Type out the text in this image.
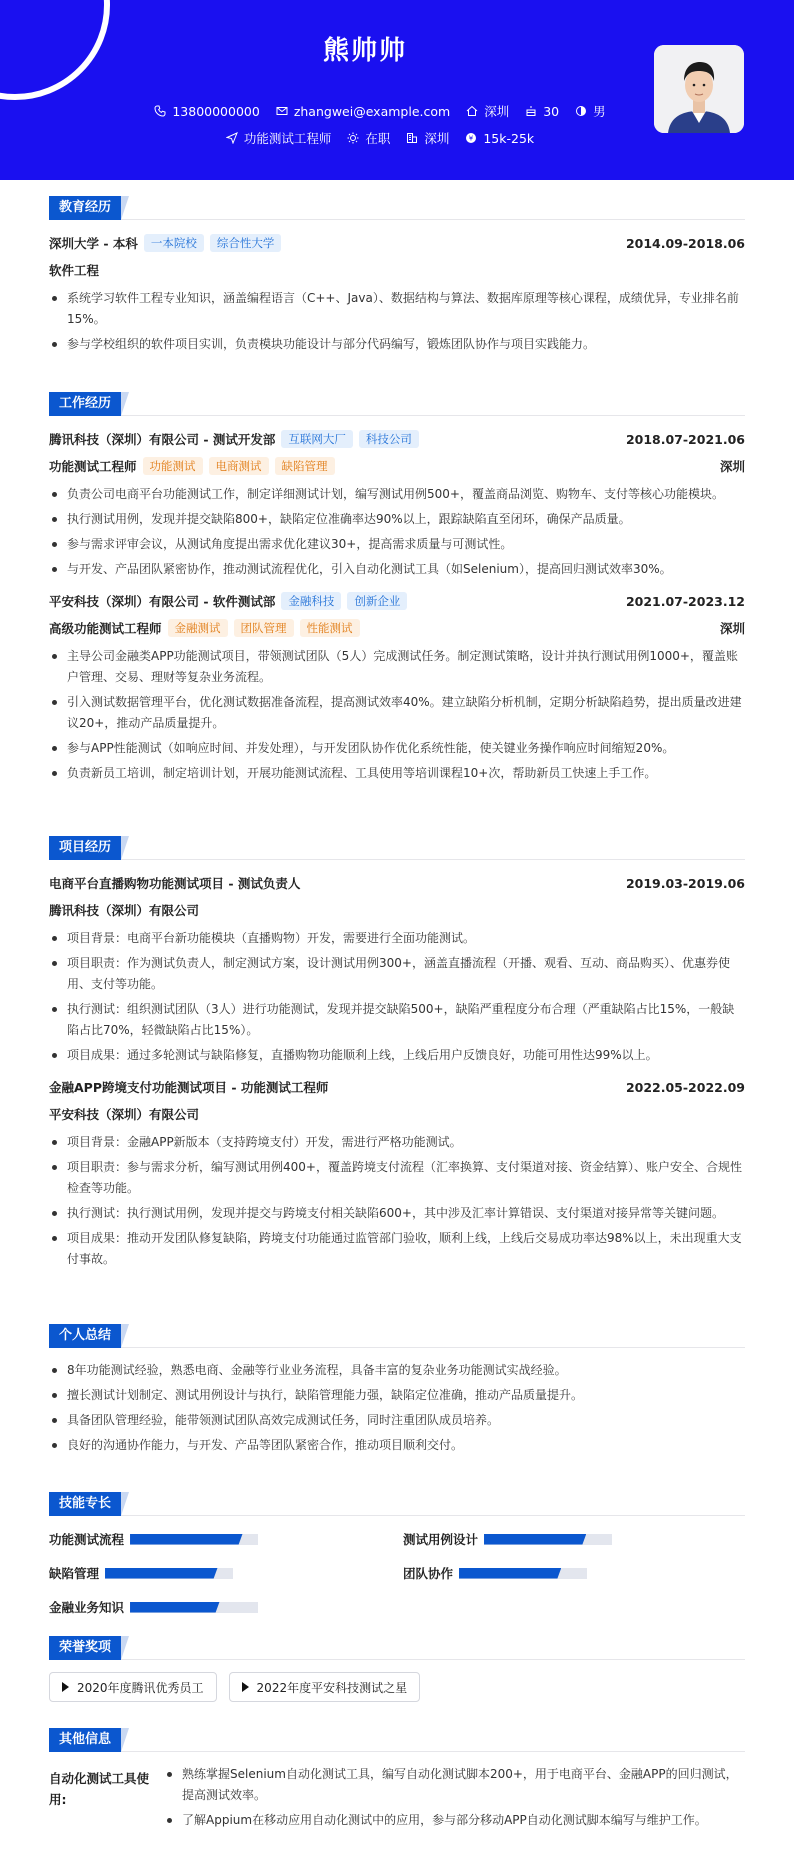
熊帅帅
13800000000	zhangwei@example.com	深圳	30	男
功能测试工程师	在职	深圳	¥ 15k-25k
教育经历
深圳大学 - 本科	一本院校	综合性大学	2014.09-2018.06
软件工程
系统学习软件工程专业知识，涵盖编程语言（C++、Java）、数据结构与算法、数据库原理等核心课程，成绩优异，专业排名前15%。
参与学校组织的软件项目实训，负责模块功能设计与部分代码编写，锻炼团队协作与项目实践能力。
工作经历
腾讯科技（深圳）有限公司 - 测试开发部	互联网大厂	科技公司	2018.07-2021.06
功能测试工程师	功能测试	电商测试	缺陷管理	深圳
负责公司电商平台功能测试工作，制定详细测试计划，编写测试用例500+，覆盖商品浏览、购物车、支付等核心功能模块。
执行测试用例，发现并提交缺陷800+，缺陷定位准确率达90%以上，跟踪缺陷直至闭环，确保产品质量。
参与需求评审会议，从测试角度提出需求优化建议30+，提高需求质量与可测试性。
与开发、产品团队紧密协作，推动测试流程优化，引入自动化测试工具（如Selenium），提高回归测试效率30%。
平安科技（深圳）有限公司 - 软件测试部	金融科技	创新企业	2021.07-2023.12
高级功能测试工程师	金融测试	团队管理	性能测试	深圳
主导公司金融类APP功能测试项目，带领测试团队（5人）完成测试任务。制定测试策略，设计并执行测试用例1000+，覆盖账户管理、交易、理财等复杂业务流程。
引入测试数据管理平台，优化测试数据准备流程，提高测试效率40%。建立缺陷分析机制，定期分析缺陷趋势，提出质量改进建议20+，推动产品质量提升。
参与APP性能测试（如响应时间、并发处理），与开发团队协作优化系统性能，使关键业务操作响应时间缩短20%。
负责新员工培训，制定培训计划，开展功能测试流程、工具使用等培训课程10+次，帮助新员工快速上手工作。
项目经历
电商平台直播购物功能测试项目 - 测试负责人	2019.03-2019.06
腾讯科技（深圳）有限公司
项目背景：电商平台新功能模块（直播购物）开发，需要进行全面功能测试。
项目职责：作为测试负责人，制定测试方案，设计测试用例300+，涵盖直播流程（开播、观看、互动、商品购买）、优惠券使用、支付等功能。
执行测试：组织测试团队（3人）进行功能测试，发现并提交缺陷500+，缺陷严重程度分布合理（严重缺陷占比15%，一般缺陷占比70%，轻微缺陷占比15%）。
项目成果：通过多轮测试与缺陷修复，直播购物功能顺利上线，上线后用户反馈良好，功能可用性达99%以上。
金融APP跨境支付功能测试项目 - 功能测试工程师	2022.05-2022.09
平安科技（深圳）有限公司
项目背景：金融APP新版本（支持跨境支付）开发，需进行严格功能测试。
项目职责：参与需求分析，编写测试用例400+，覆盖跨境支付流程（汇率换算、支付渠道对接、资金结算）、账户安全、合规性检查等功能。
执行测试：执行测试用例，发现并提交与跨境支付相关缺陷600+，其中涉及汇率计算错误、支付渠道对接异常等关键问题。
项目成果：推动开发团队修复缺陷，跨境支付功能通过监管部门验收，顺利上线，上线后交易成功率达98%以上，未出现重大支付事故。
个人总结
8年功能测试经验，熟悉电商、金融等行业业务流程，具备丰富的复杂业务功能测试实战经验。
擅长测试计划制定、测试用例设计与执行，缺陷管理能力强，缺陷定位准确，推动产品质量提升。
具备团队管理经验，能带领测试团队高效完成测试任务，同时注重团队成员培养。
良好的沟通协作能力，与开发、产品等团队紧密合作，推动项目顺利交付。
技能专长
功能测试流程	测试用例设计
缺陷管理	团队协作
金融业务知识
荣誉奖项
2020年度腾讯优秀员工	2022年度平安科技测试之星
其他信息
自动化测试工具使用:
熟练掌握Selenium自动化测试工具，编写自动化测试脚本200+，用于电商平台、金融APP的回归测试，提高测试效率。
了解Appium在移动应用自动化测试中的应用，参与部分移动APP自动化测试脚本编写与维护工作。
